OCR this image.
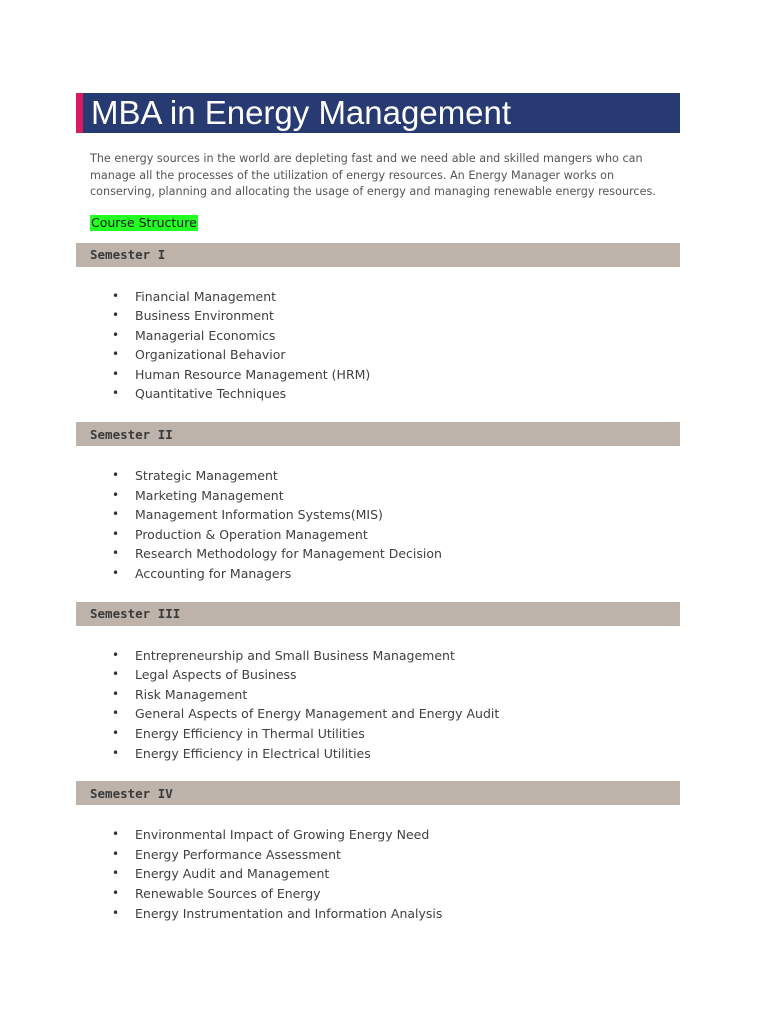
MBA in Energy Management

The energy sources in the world are depleting fast and we need able and skilled mangers who can manage all the processes of the utilization of energy resources. An Energy Manager works on conserving, planning and allocating the usage of energy and managing renewable energy resources.

Course Structure
Semester I
• Financial Management
• Business Environment
• Managerial Economics
• Organizational Behavior
• Human Resource Management (HRM)
• Quantitative Techniques
Semester II
• Strategic Management
• Marketing Management
• Management Information Systems(MIS)
• Production & Operation Management
• Research Methodology for Management Decision
• Accounting for Managers
Semester III
• Entrepreneurship and Small Business Management
• Legal Aspects of Business
• Risk Management
• General Aspects of Energy Management and Energy Audit
• Energy Efficiency in Thermal Utilities
• Energy Efficiency in Electrical Utilities
Semester IV
• Environmental Impact of Growing Energy Need
• Energy Performance Assessment
• Energy Audit and Management
• Renewable Sources of Energy
• Energy Instrumentation and Information Analysis
